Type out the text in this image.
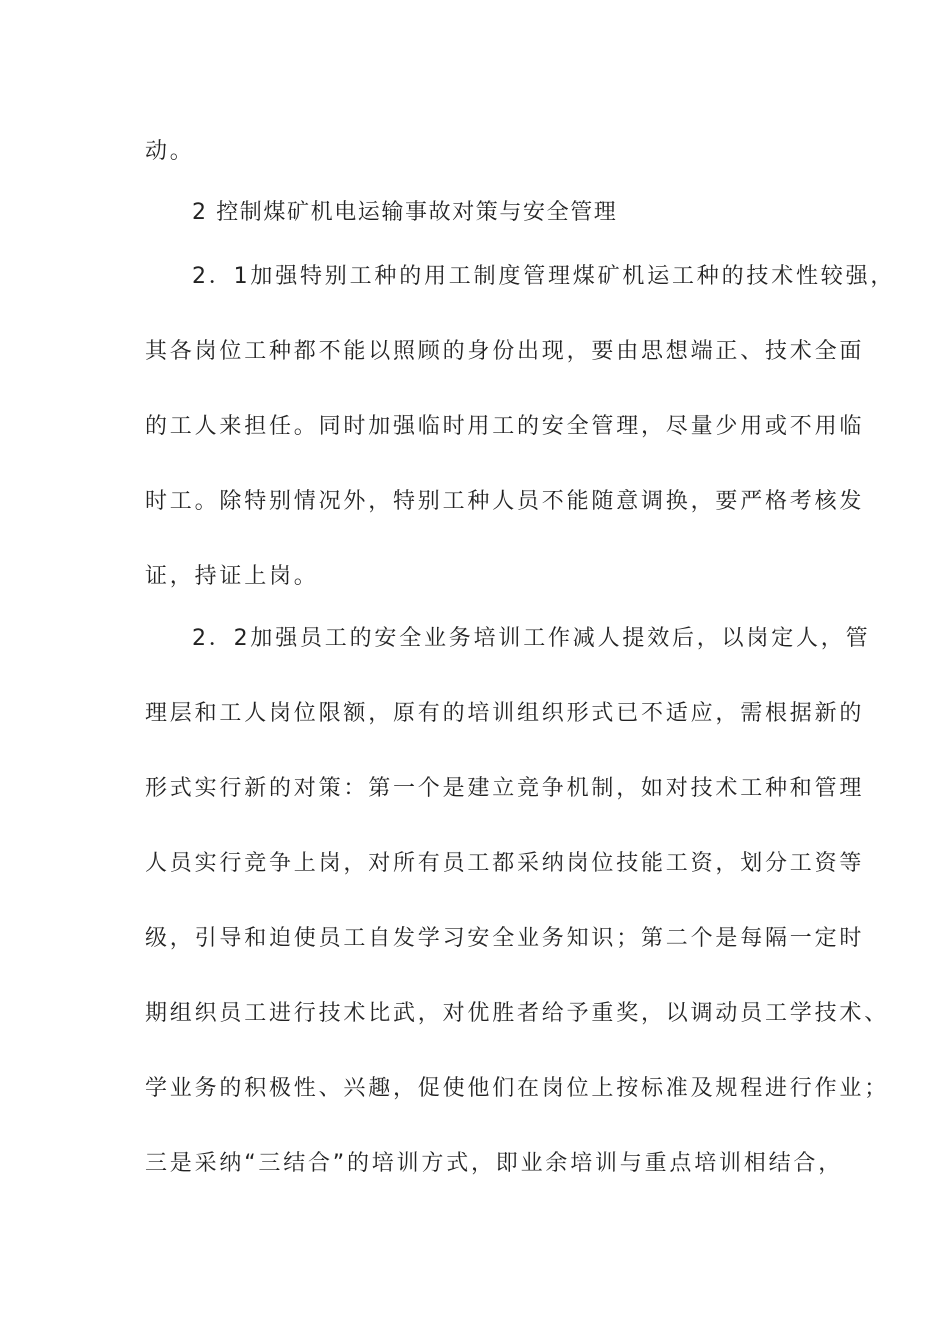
动。

2 控制煤矿机电运输事故对策与安全管理

2．1加强特别工种的用工制度管理煤矿机运工种的技术性较强，

其各岗位工种都不能以照顾的身份出现，要由思想端正、技术全面

的工人来担任。同时加强临时用工的安全管理，尽量少用或不用临

时工。除特别情况外，特别工种人员不能随意调换，要严格考核发

证，持证上岗。

2．2加强员工的安全业务培训工作减人提效后，以岗定人，管

理层和工人岗位限额，原有的培训组织形式已不适应，需根据新的

形式实行新的对策：第一个是建立竞争机制，如对技术工种和管理

人员实行竞争上岗，对所有员工都采纳岗位技能工资，划分工资等

级，引导和迫使员工自发学习安全业务知识；第二个是每隔一定时

期组织员工进行技术比武，对优胜者给予重奖，以调动员工学技术、

学业务的积极性、兴趣，促使他们在岗位上按标准及规程进行作业；

三是采纳“三结合”的培训方式，即业余培训与重点培训相结合，
